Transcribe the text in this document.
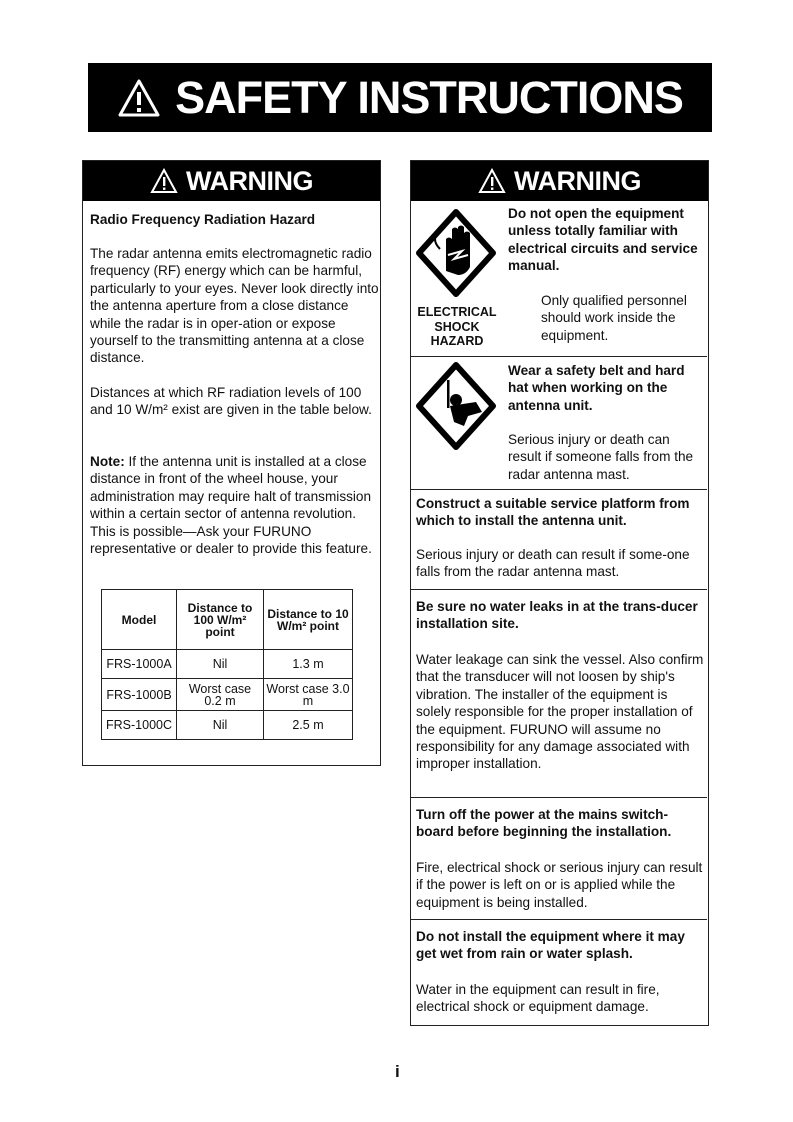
SAFETY INSTRUCTIONS
WARNING

Radio Frequency Radiation Hazard

The radar antenna emits electromagnetic radio frequency (RF) energy which can be harmful, particularly to your eyes. Never look directly into the antenna aperture from a close distance while the radar is in oper-ation or expose yourself to the transmitting antenna at a close distance.

Distances at which RF radiation levels of 100 and 10 W/m² exist are given in the table below.

Note: If the antenna unit is installed at a close distance in front of the wheel house, your administration may require halt of transmission within a certain sector of antenna revolution. This is possible—Ask your FURUNO representative or dealer to provide this feature.

Model	Distance to 100 W/m² point	Distance to 10 W/m² point
FRS-1000A	Nil	1.3 m
FRS-1000B	Worst case 0.2 m	Worst case 3.0 m
FRS-1000C	Nil	2.5 m
WARNING

ELECTRICAL SHOCK HAZARD

Do not open the equipment unless totally familiar with electrical circuits and service manual.

Only qualified personnel should work inside the equipment.

Wear a safety belt and hard hat when working on the antenna unit.

Serious injury or death can result if someone falls from the radar antenna mast.

Construct a suitable service platform from which to install the antenna unit.

Serious injury or death can result if some-one falls from the radar antenna mast.

Be sure no water leaks in at the trans-ducer installation site.

Water leakage can sink the vessel. Also confirm that the transducer will not loosen by ship's vibration. The installer of the equipment is solely responsible for the proper installation of the equipment. FURUNO will assume no responsibility for any damage associated with improper installation.

Turn off the power at the mains switch-board before beginning the installation.

Fire, electrical shock or serious injury can result if the power is left on or is applied while the equipment is being installed.

Do not install the equipment where it may get wet from rain or water splash.

Water in the equipment can result in fire, electrical shock or equipment damage.

i
